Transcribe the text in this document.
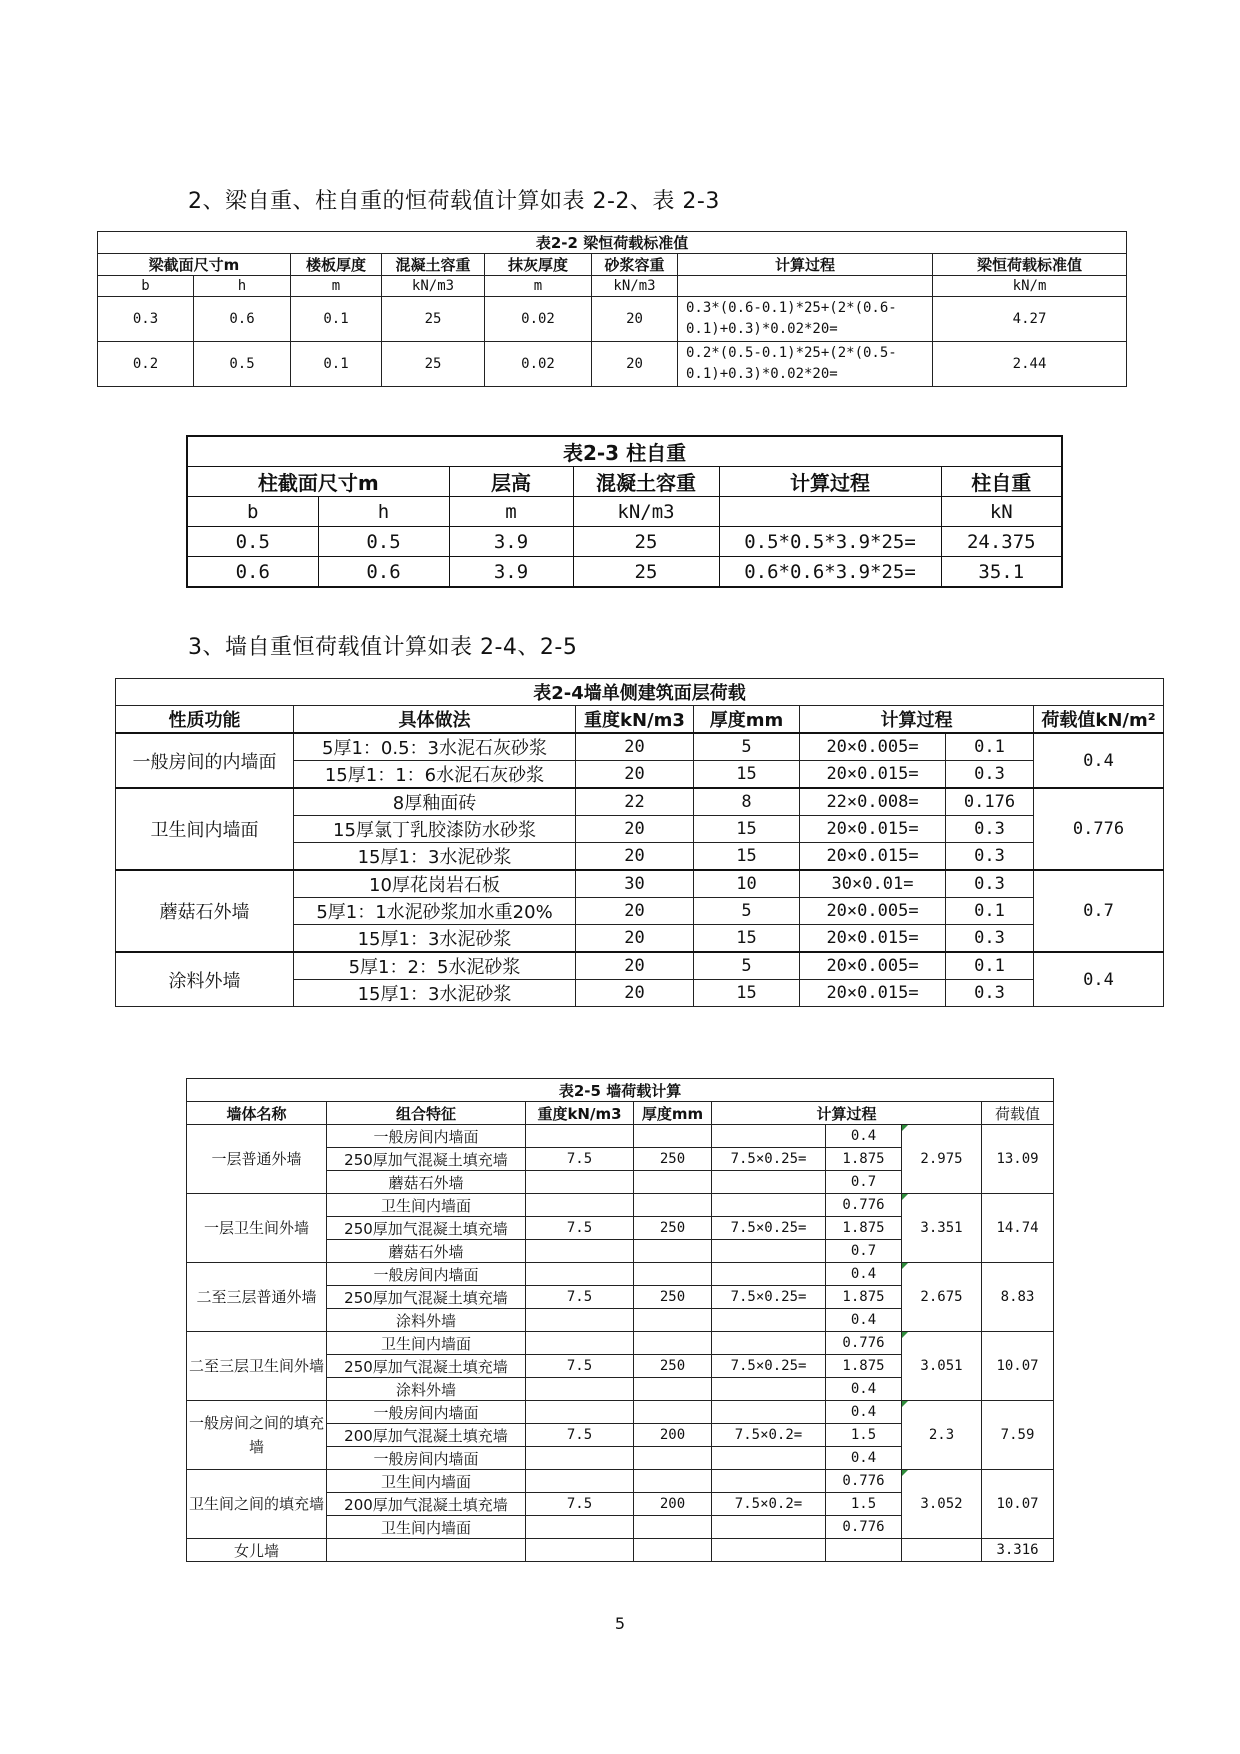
2、梁自重、柱自重的恒荷载值计算如表 2-2、表 2-3
表2-2 梁恒荷载标准值							
梁截面尺寸m		楼板厚度	混凝土容重	抹灰厚度	砂浆容重	计算过程	梁恒荷载标准值
b	h	m	kN/m3	m	kN/m3		kN/m
0.3	0.6	0.1	25	0.02	20	0.3*(0.6-0.1)*25+(2*(0.6-0.1)+0.3)*0.02*20=	4.27
0.2	0.5	0.1	25	0.02	20	0.2*(0.5-0.1)*25+(2*(0.5-0.1)+0.3)*0.02*20=	2.44
表2-3 柱自重					
柱截面尺寸m		层高	混凝土容重	计算过程	柱自重
b	h	m	kN/m3		kN
0.5	0.5	3.9	25	0.5*0.5*3.9*25=	24.375
0.6	0.6	3.9	25	0.6*0.6*3.9*25=	35.1
3、墙自重恒荷载值计算如表 2-4、2-5
表2-4墙单侧建筑面层荷载						
性质功能	具体做法	重度kN/m3	厚度mm	计算过程		荷载值kN/m²
一般房间的内墙面	5厚1：0.5：3水泥石灰砂浆	20	5	20×0.005=	0.1	0.4
	15厚1：1：6水泥石灰砂浆	20	15	20×0.015=	0.3	
卫生间内墙面	8厚釉面砖	22	8	22×0.008=	0.176	0.776
	15厚氯丁乳胶漆防水砂浆	20	15	20×0.015=	0.3	
	15厚1：3水泥砂浆	20	15	20×0.015=	0.3	
蘑菇石外墙	10厚花岗岩石板	30	10	30×0.01=	0.3	0.7
	5厚1：1水泥砂浆加水重20%	20	5	20×0.005=	0.1	
	15厚1：3水泥砂浆	20	15	20×0.015=	0.3	
涂料外墙	5厚1：2：5水泥砂浆	20	5	20×0.005=	0.1	0.4
	15厚1：3水泥砂浆	20	15	20×0.015=	0.3	
表2-5 墙荷载计算							
墙体名称	组合特征	重度kN/m3	厚度mm	计算过程			荷载值
一层普通外墙	一般房间内墙面				0.4	2.975	13.09
	250厚加气混凝土填充墙	7.5	250	7.5×0.25=	1.875		
	蘑菇石外墙				0.7		
一层卫生间外墙	卫生间内墙面				0.776	3.351	14.74
	250厚加气混凝土填充墙	7.5	250	7.5×0.25=	1.875		
	蘑菇石外墙				0.7		
二至三层普通外墙	一般房间内墙面				0.4	2.675	8.83
	250厚加气混凝土填充墙	7.5	250	7.5×0.25=	1.875		
	涂料外墙				0.4		
二至三层卫生间外墙	卫生间内墙面				0.776	3.051	10.07
	250厚加气混凝土填充墙	7.5	250	7.5×0.25=	1.875		
	涂料外墙				0.4		
一般房间之间的填充墙	一般房间内墙面				0.4	2.3	7.59
	200厚加气混凝土填充墙	7.5	200	7.5×0.2=	1.5		
	一般房间内墙面				0.4		
卫生间之间的填充墙	卫生间内墙面				0.776	3.052	10.07
	200厚加气混凝土填充墙	7.5	200	7.5×0.2=	1.5		
	卫生间内墙面				0.776		
女儿墙							3.316
5
